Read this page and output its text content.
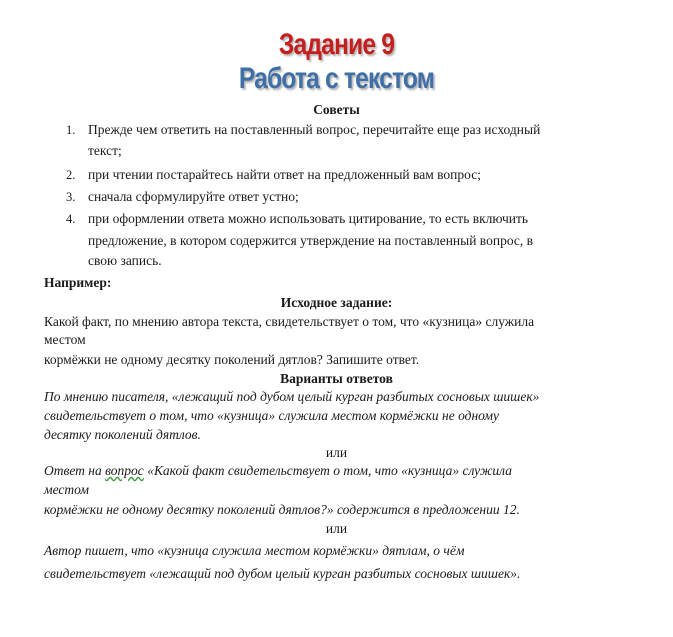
Задание 9
Работа с текстом
Советы
1. Прежде чем ответить на поставленный вопрос, перечитайте еще раз исходный
текст;
2. при чтении постарайтесь найти ответ на предложенный вам вопрос;
3. сначала сформулируйте ответ устно;
4. при оформлении ответа можно использовать цитирование, то есть включить
предложение, в котором содержится утверждение на поставленный вопрос, в
свою запись.
Например:
Исходное задание:
Какой факт, по мнению автора текста, свидетельствует о том, что «кузница» служила
местом
кормёжки не одному десятку поколений дятлов? Запишите ответ.
Варианты ответов
По мнению писателя, «лежащий под дубом целый курган разбитых сосновых шишек»
свидетельствует о том, что «кузница» служила местом кормёжки не одному
десятку поколений дятлов.
или
Ответ на вопрос «Какой факт свидетельствует о том, что «кузница» служила
местом
кормёжки не одному десятку поколений дятлов?» содержится в предложении 12.
или
Автор пишет, что «кузница служила местом кормёжки» дятлам, о чём
свидетельствует «лежащий под дубом целый курган разбитых сосновых шишек».
